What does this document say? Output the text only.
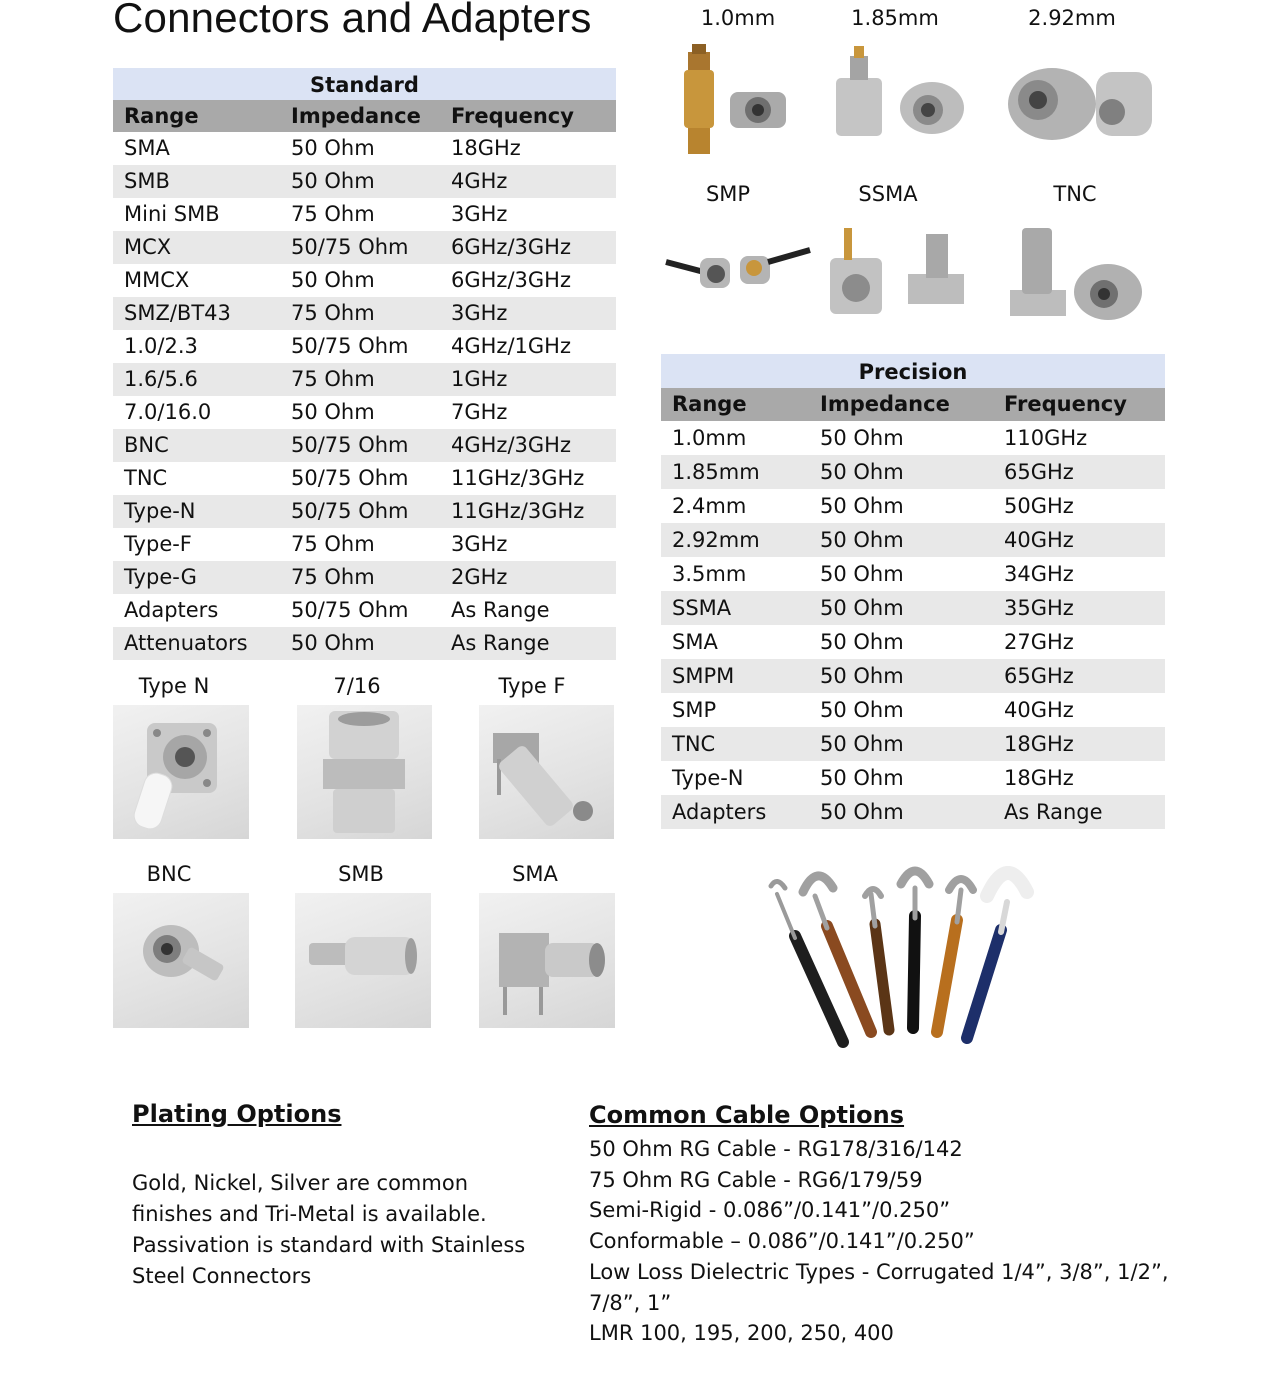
Connectors and Adapters
Standard
Range	Impedance	Frequency
SMA	50 Ohm	18GHz
SMB	50 Ohm	4GHz
Mini SMB	75 Ohm	3GHz
MCX	50/75 Ohm	6GHz/3GHz
MMCX	50 Ohm	6GHz/3GHz
SMZ/BT43	75 Ohm	3GHz
1.0/2.3	50/75 Ohm	4GHz/1GHz
1.6/5.6	75 Ohm	1GHz
7.0/16.0	50 Ohm	7GHz
BNC	50/75 Ohm	4GHz/3GHz
TNC	50/75 Ohm	11GHz/3GHz
Type-N	50/75 Ohm	11GHz/3GHz
Type-F	75 Ohm	3GHz
Type-G	75 Ohm	2GHz
Adapters	50/75 Ohm	As Range
Attenuators	50 Ohm	As Range
Precision
Range	Impedance	Frequency
1.0mm	50 Ohm	110GHz
1.85mm	50 Ohm	65GHz
2.4mm	50 Ohm	50GHz
2.92mm	50 Ohm	40GHz
3.5mm	50 Ohm	34GHz
SSMA	50 Ohm	35GHz
SMA	50 Ohm	27GHz
SMPM	50 Ohm	65GHz
SMP	50 Ohm	40GHz
TNC	50 Ohm	18GHz
Type-N	50 Ohm	18GHz
Adapters	50 Ohm	As Range
1.0mm	1.85mm	2.92mm
SMP	SSMA	TNC
Type N	7/16	Type F
BNC	SMB	SMA
Plating Options
Gold, Nickel, Silver are common
finishes and Tri-Metal is available.
Passivation is standard with Stainless
Steel Connectors
Common Cable Options
50 Ohm RG Cable - RG178/316/142
75 Ohm RG Cable - RG6/179/59
Semi-Rigid - 0.086”/0.141”/0.250”
Conformable – 0.086”/0.141”/0.250”
Low Loss Dielectric Types - Corrugated 1/4”, 3/8”, 1/2”,
7/8”, 1”
LMR 100, 195, 200, 250, 400
